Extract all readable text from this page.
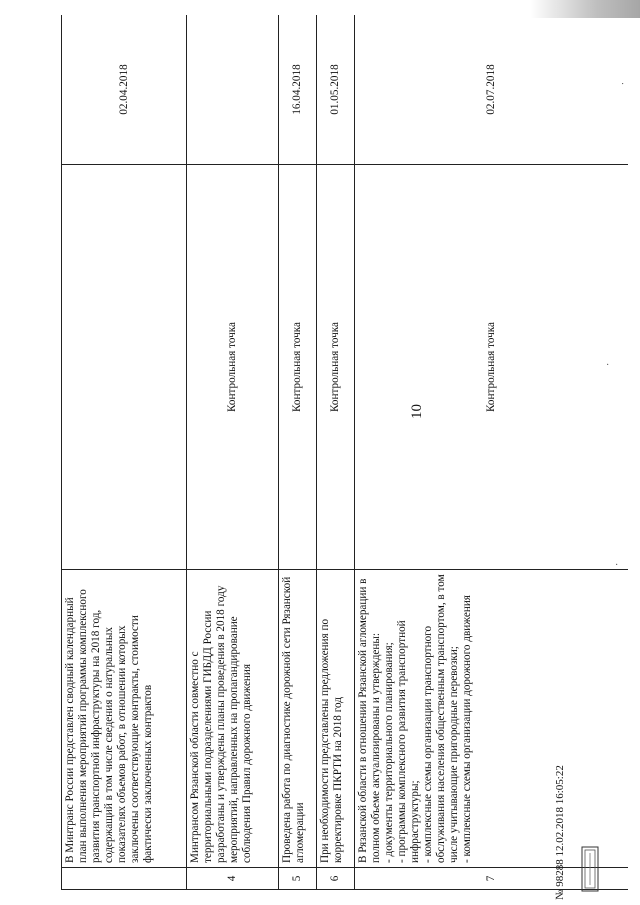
	В Минтранс России представлен сводный календарный план выполнения мероприятий программы комплексного развития транспортной инфраструктуры на 2018 год, содержащий в том числе сведения о натуральных показателях объемов работ, в отношении которых заключены соответствующие контракты, стоимости фактически заключенных контрактов			02.04.2018
4	Минтрансом Рязанской области совместно с территориальными подразделениями ГИБДД России разработаны и утверждены планы проведения в 2018 году мероприятий, направленных на пропагандирование соблюдения Правил дорожного движения		Контрольная точка	
5	Проведена работа по диагностике дорожной сети Рязанской агломерации		Контрольная точка	16.04.2018
6	При необходимости представлены предложения по корректировке ПКРТИ на 2018 год		Контрольная точка	01.05.2018
7	В Рязанской области в отношении Рязанской агломерации в полном объеме актуализированы и утверждены:
- документы территориального планирования;
- программы комплексного развития транспортной инфраструктуры;
- комплексные схемы организации транспортного обслуживания населения общественным транспортом, в том числе учитывающие пригородные перевозки;
- комплексные схемы организации дорожного движения		Контрольная точка	02.07.2018
10
№ 98288 12.02.2018 16:05:22
·
·
·
